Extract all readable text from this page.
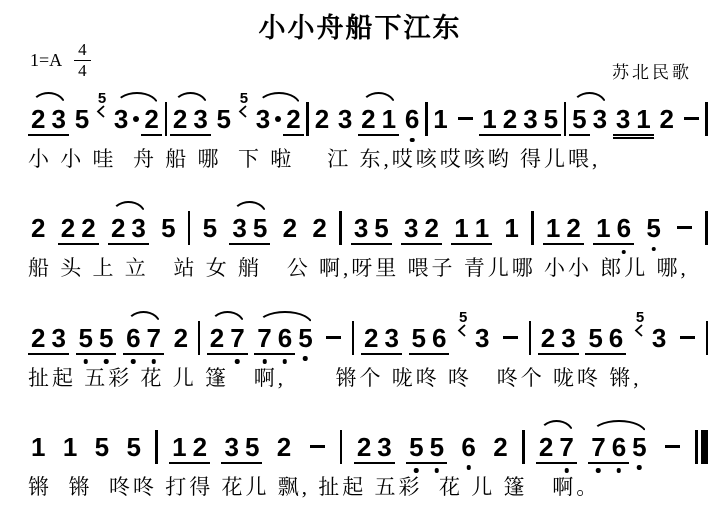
小小舟船下江东
$1=A \frac{4}{4}$	苏北民歌
2 3 5
5
3 2 2 3 5
5
3 2 2 3 2 1 6 1 1 2 3 5 5 3 3 1 2
小 小 哇  舟 船 哪  下 啦    江 东,哎咳哎咳哟 得儿喂,
2 2 2 2 3 5 5 3 5 2 2 3 5 3 2 1 1 1 1 2 1 6 5
船 头 上 立   站 女 艄   公 啊,呀里 喂子 青儿哪 小小 郎儿 哪,
2 3 5 5 6 7 2 2 7 7 6 5 2 3 5 6
5
3 2 3 5 6
5
3
扯起 五彩 花 儿 篷   啊,      锵个 咙咚 咚   咚个 咙咚 锵,
1 1 5 5 1 2 3 5 2	2 3 5 5 6 2 2 7 7 6 5
锵  锵  咚咚 打得 花儿 飘, 扯起 五彩  花 儿 篷   啊。
